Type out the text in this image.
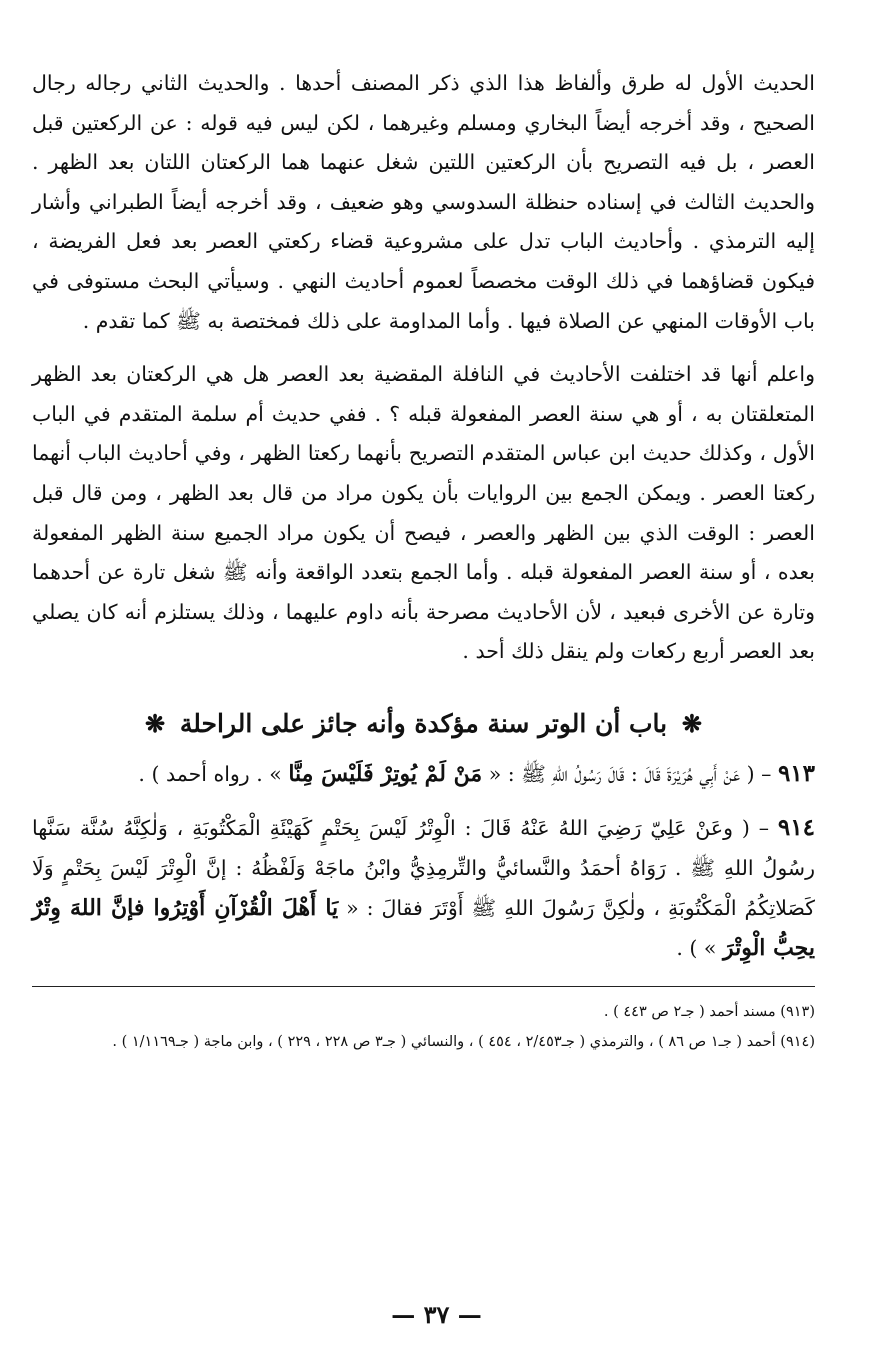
الحديث الأول له طرق وألفاظ هذا الذي ذكر المصنف أحدها . والحديث الثاني رجاله رجال الصحيح ، وقد أخرجه أيضاً البخاري ومسلم وغيرهما ، لكن ليس فيه قوله : عن الركعتين قبل العصر ، بل فيه التصريح بأن الركعتين اللتين شغل عنهما هما الركعتان اللتان بعد الظهر . والحديث الثالث في إسناده حنظلة السدوسي وهو ضعيف ، وقد أخرجه أيضاً الطبراني وأشار إليه الترمذي . وأحاديث الباب تدل على مشروعية قضاء ركعتي العصر بعد فعل الفريضة ، فيكون قضاؤهما في ذلك الوقت مخصصاً لعموم أحاديث النهي . وسيأتي البحث مستوفى في باب الأوقات المنهي عن الصلاة فيها . وأما المداومة على ذلك فمختصة به ﷺ كما تقدم .

واعلم أنها قد اختلفت الأحاديث في النافلة المقضية بعد العصر هل هي الركعتان بعد الظهر المتعلقتان به ، أو هي سنة العصر المفعولة قبله ؟ . ففي حديث أم سلمة المتقدم في الباب الأول ، وكذلك حديث ابن عباس المتقدم التصريح بأنهما ركعتا الظهر ، وفي أحاديث الباب أنهما ركعتا العصر . ويمكن الجمع بين الروايات بأن يكون مراد من قال بعد الظهر ، ومن قال قبل العصر : الوقت الذي بين الظهر والعصر ، فيصح أن يكون مراد الجميع سنة الظهر المفعولة بعده ، أو سنة العصر المفعولة قبله . وأما الجمع بتعدد الواقعة وأنه ﷺ شغل تارة عن أحدهما وتارة عن الأخرى فبعيد ، لأن الأحاديث مصرحة بأنه داوم عليهما ، وذلك يستلزم أنه كان يصلي بعد العصر أربع ركعات ولم ينقل ذلك أحد .

❋ باب أن الوتر سنة مؤكدة وأنه جائز على الراحلة ❋

٩١٣ – ( عَنْ أَبِي هُرَيْرَةَ قَالَ : قَالَ رَسُولُ اللهِ ﷺ : « مَنْ لَمْ يُوتِرْ فَلَيْسَ مِنَّا » . رواه أحمد ) .

٩١٤ – ( وعَنْ عَلِيّ رَضِيَ اللهُ عَنْهُ قَالَ : الْوِتْرُ لَيْسَ بِحَتْمٍ كَهَيْئَةِ الْمَكْتُوبَةِ ، وَلٰكِنَّهُ سُنَّة سَنَّها رسُولُ اللهِ ﷺ . رَوَاهُ أحمَدُ والنَّسائيُّ والتِّرمِذِيُّ وابْنُ ماجَهْ وَلَفْظُهُ : إنَّ الْوِتْرَ لَيْسَ بِحَتْمٍ وَلَا كَصَلاتِكُمُ الْمَكْتُوبَةِ ، ولٰكِنَّ رَسُولَ اللهِ ﷺ أَوْتَرَ فقالَ : « يَا أَهْلَ الْقُرْآنِ أَوْتِرُوا فإنَّ اللهَ وِتْرٌ يحِبُّ الْوِتْرَ » ) .

(٩١٣) مسند أحمد ( جـ٢ ص ٤٤٣ ) .

(٩١٤) أحمد ( جـ١ ص ٨٦ ) ، والترمذي ( جـ٢/٤٥٣ ، ٤٥٤ ) ، والنسائي ( جـ٣ ص ٢٢٨ ، ٢٢٩ ) ، وابن ماجة ( جـ١/١١٦٩ ) .

— ٣٧ —
